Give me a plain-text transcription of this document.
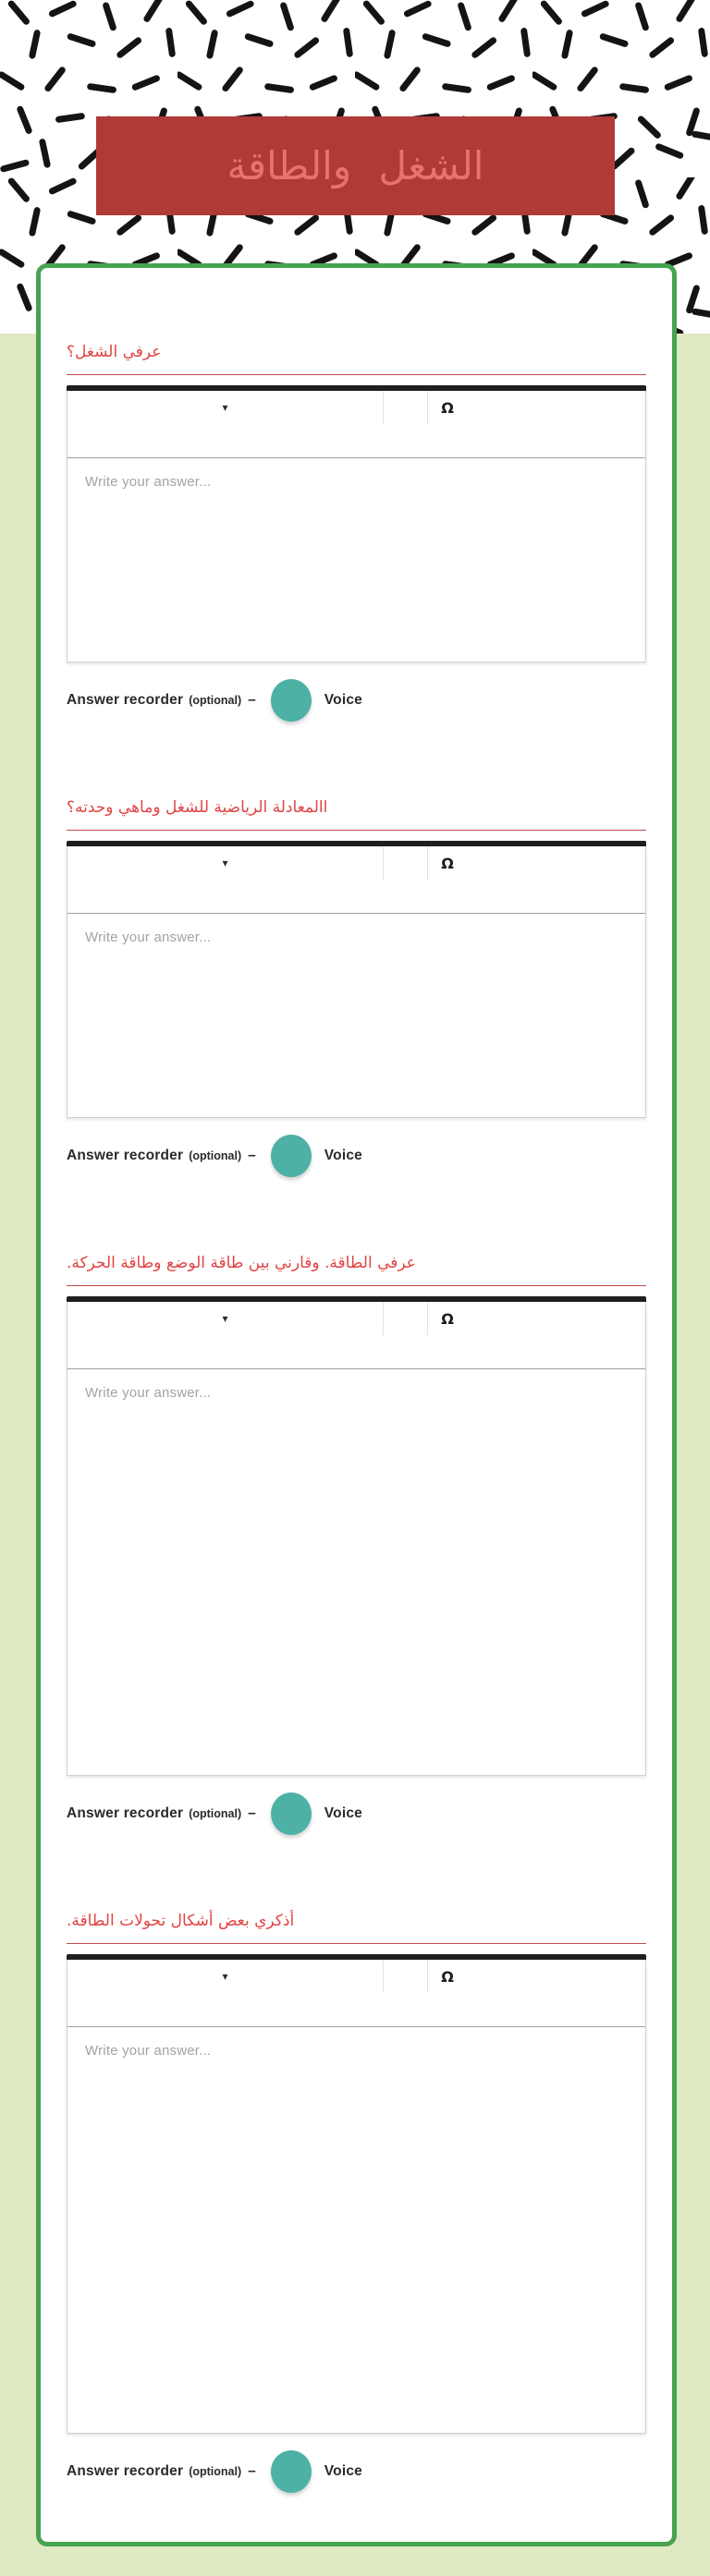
الشغل والطاقة
عرفي الشغل؟
▾	Ω
Write your answer...
Answer recorder (optional) –	Voice
االمعادلة الرياضية للشغل وماهي وحدته؟
▾	Ω
Write your answer...
Answer recorder (optional) –	Voice
عرفي الطاقة. وقارني بين طاقة الوضع وطاقة الحركة.
▾	Ω
Write your answer...
Answer recorder (optional) –	Voice
أذكري بعض أشكال تحولات الطاقة.
▾	Ω
Write your answer...
Answer recorder (optional) –	Voice
